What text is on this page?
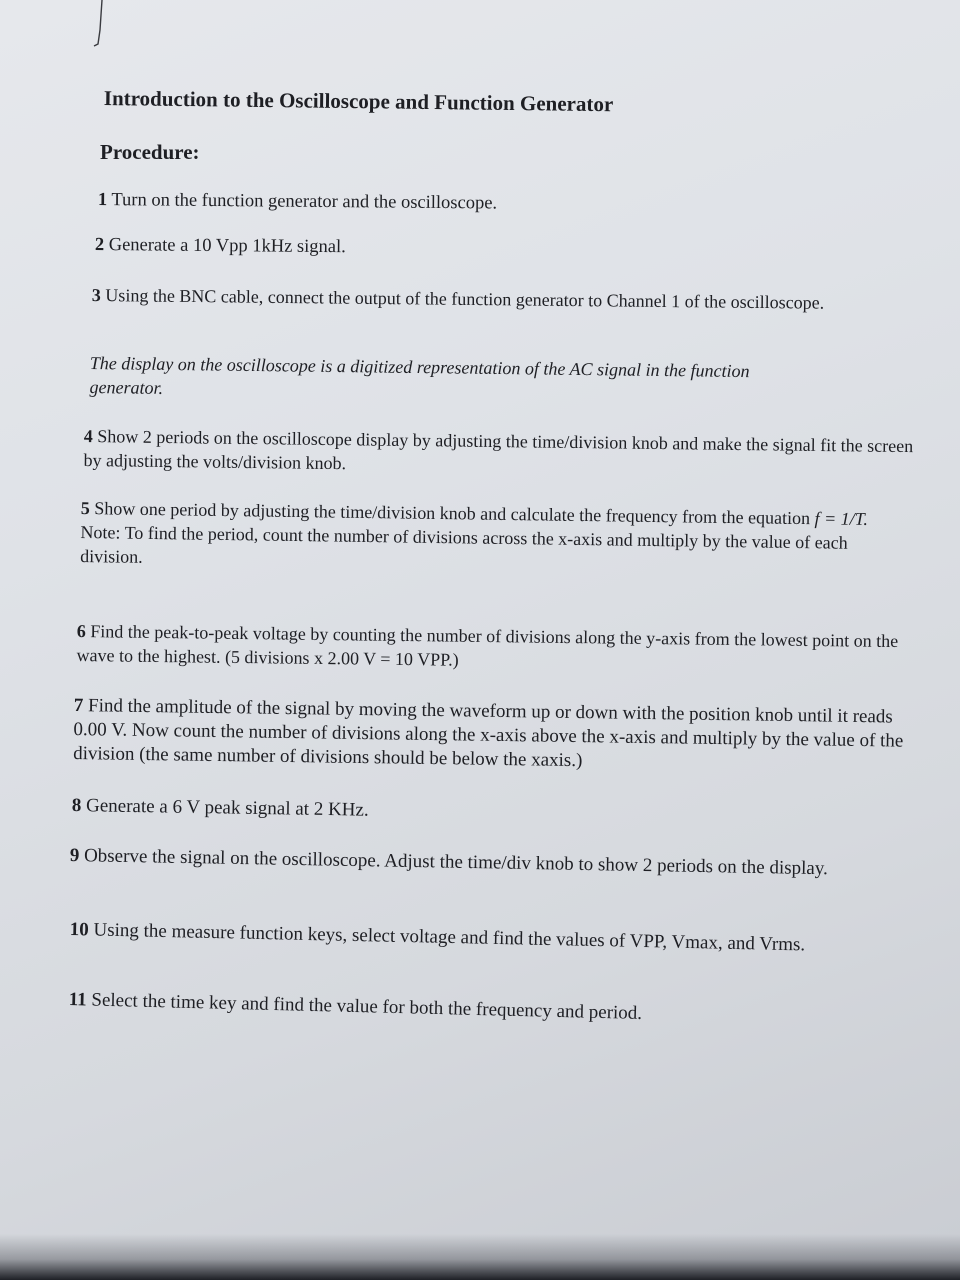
Introduction to the Oscilloscope and Function Generator
Procedure:
1 Turn on the function generator and the oscilloscope.
2 Generate a 10 Vpp 1kHz signal.
3 Using the BNC cable, connect the output of the function generator to Channel 1 of the oscilloscope.
The display on the oscilloscope is a digitized representation of the AC signal in the function generator.
4 Show 2 periods on the oscilloscope display by adjusting the time/division knob and make the signal fit the screen by adjusting the volts/division knob.
5 Show one period by adjusting the time/division knob and calculate the frequency from the equation f = 1/T.
Note: To find the period, count the number of divisions across the x-axis and multiply by the value of each division.
6 Find the peak-to-peak voltage by counting the number of divisions along the y-axis from the lowest point on the wave to the highest. (5 divisions x 2.00 V = 10 VPP.)
7 Find the amplitude of the signal by moving the waveform up or down with the position knob until it reads 0.00 V. Now count the number of divisions along the x-axis above the x-axis and multiply by the value of the division (the same number of divisions should be below the xaxis.)
8 Generate a 6 V peak signal at 2 KHz.
9 Observe the signal on the oscilloscope. Adjust the time/div knob to show 2 periods on the display.
10 Using the measure function keys, select voltage and find the values of VPP, Vmax, and Vrms.
11 Select the time key and find the value for both the frequency and period.
